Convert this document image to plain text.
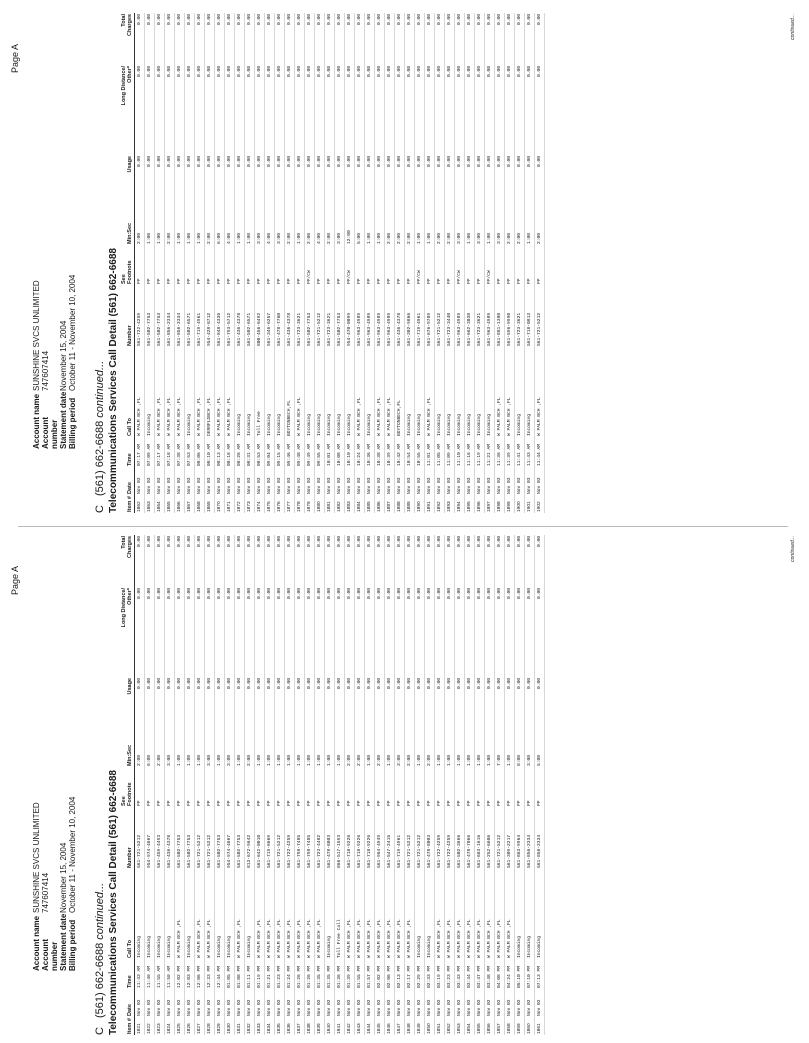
Page A
Account name
SUNSHINE SVCS UNLIMITED
Account number
747607414
Statement date
November 15, 2004
Billing period
October 11 - November 10, 2004
C (561) 662-6688 continued... Telecommunications Services Call Detail (561) 662-6688 Item #	Date	Time	Call To	Number	See
Footnote	Min:Sec	Usage	Long Distance/
Other*	Total
Charges
1821	Nov 02	11:43 AM	Incoming	561-721-5212	PP	2:00	0.00	0.00	0.00
1822	Nov 02	11:46 AM	Incoming	954-974-4667	PP	6:00	0.00	0.00	0.00
1823	Nov 02	11:55 AM	Incoming	561-459-4493	PP	2:00	0.00	0.00	0.00
1824	Nov 02	11:58 AM	Incoming	561-436-4378	PP	3:00	0.00	0.00	0.00
1825	Nov 02	12:02 PM	W PALM BCH ,FL	561-502-7753	PP	1:00	0.00	0.00	0.00
1826	Nov 02	12:03 PM	Incoming	561-502-7753	PP	1:00	0.00	0.00	0.00
1827	Nov 02	12:06 PM	W PALM BCH ,FL	561-721-5212	PP	1:00	0.00	0.00	0.00
1828	Nov 02	12:33 PM	W PALM BCH ,FL	561-721-5212	PP	3:00	0.00	0.00	0.00
1829	Nov 02	12:44 PM	Incoming	561-502-7753	PP	1:00	0.00	0.00	0.00
1830	Nov 02	01:05 PM	Incoming	954-974-4667	PP	3:00	0.00	0.00	0.00
1831	Nov 02	01:08 PM	W PALM BCH ,FL	561-502-7753	PP	1:00	0.00	0.00	0.00
1832	Nov 02	01:11 PM	Incoming	813-672-9642	PP	2:00	0.00	0.00	0.00
1833	Nov 02	01:19 PM	W PALM BCH ,FL	561-642-0010	PP	1:00	0.00	0.00	0.00
1834	Nov 02	01:21 PM	W PALM BCH ,FL	561-719-6669	PP	1:00	0.00	0.00	0.00
1835	Nov 02	01:23 PM	W PALM BCH ,FL	561-721-5212	PP	1:00	0.00	0.00	0.00
1836	Nov 02	01:24 PM	W PALM BCH ,FL	561-722-4259	PP	1:00	0.00	0.00	0.00
1837	Nov 02	01:26 PM	W PALM BCH ,FL	561-798-7485	PP	1:00	0.00	0.00	0.00
1838	Nov 02	01:26 PM	W PALM BCH ,FL	561-798-7485	PP	1:00	0.00	0.00	0.00
1839	Nov 02	01:35 PM	W PALM BCH ,FL	561-723-4482	PP	1:00	0.00	0.00	0.00
1840	Nov 02	01:35 PM	Incoming	561-478-8003	PP	1:00	0.00	0.00	0.00
1841	Nov 02	01:36 PM	Toll Free Call	866-517-1593	PP	1:00	0.00	0.00	0.00
1842	Nov 02	01:39 PM	W PALM BCH ,FL	561-718-9226	PP	2:00	0.00	0.00	0.00
1843	Nov 02	01:55 PM	W PALM BCH ,FL	561-718-9226	PP	2:00	0.00	0.00	0.00
1844	Nov 02	01:57 PM	W PALM BCH ,FL	561-718-9226	PP	1:00	0.00	0.00	0.00
1845	Nov 02	02:02 PM	W PALM BCH ,FL	561-964-4949	PP	2:00	0.00	0.00	0.00
1846	Nov 02	02:06 PM	W PALM BCH ,FL	561-547-2415	PP	1:00	0.00	0.00	0.00
1847	Nov 02	02:13 PM	W PALM BCH ,FL	561-719-4961	PP	3:00	0.00	0.00	0.00
1848	Nov 02	02:17 PM	W PALM BCH ,FL	561-721-5212	PP	2:00	0.00	0.00	0.00
1849	Nov 02	02:29 PM	Incoming	561-721-5212	PP	1:00	0.00	0.00	0.00
1850	Nov 02	02:33 PM	Incoming	561-478-8003	PP	2:00	0.00	0.00	0.00
1851	Nov 02	03:19 PM	W PALM BCH ,FL	561-722-4259	PP	1:00	0.00	0.00	0.00
1852	Nov 02	03:23 PM	W PALM BCH ,FL	561-722-4259	PP	1:00	0.00	0.00	0.00
1853	Nov 02	03:43 PM	W PALM BCH ,FL	561-502-3666	PP	1:00	0.00	0.00	0.00
1854	Nov 02	03:44 PM	W PALM BCH ,FL	561-478-7066	PP	1:00	0.00	0.00	0.00
1855	Nov 02	03:47 PM	W PALM BCH ,FL	561-683-1616	PP	1:00	0.00	0.00	0.00
1856	Nov 02	03:48 PM	W PALM BCH ,FL	561-252-6606	PP	1:00	0.00	0.00	0.00
1857	Nov 02	04:08 PM	W PALM BCH ,FL	561-721-5212	PP	7:00	0.00	0.00	0.00
1858	Nov 02	04:24 PM	W PALM BCH ,FL	561-309-2217	PP	1:00	0.00	0.00	0.00
1859	Nov 02	05:10 PM	Incoming	561-863-9964	PP	8:00	0.00	0.00	0.00
1860	Nov 02	07:10 PM	Incoming	561-856-2334	PP	3:00	0.00	0.00	0.00
1861	Nov 02	07:13 PM	Incoming	561-856-2334	PP	5:00	0.00	0.00	0.00	continued...
Page A
Account name
SUNSHINE SVCS UNLIMITED
Account number
747607414
Statement date
November 15, 2004
Billing period
October 11 - November 10, 2004
C (561) 662-6688 continued... Telecommunications Services Call Detail (561) 662-6688 Item #	Date	Time	Call To	Number	See
Footnote	Min:Sec	Usage	Long Distance/
Other*	Total
Charges
1862	Nov 03	07:17 AM	W PALM BCH ,FL	561-722-4259	PP	2:00	0.00	0.00	0.00
1863	Nov 03	07:09 AM	Incoming	561-502-7753	PP	1:00	0.00	0.00	0.00
1864	Nov 03	07:17 AM	W PALM BCH ,FL	561-502-7753	PP	1:00	0.00	0.00	0.00
1865	Nov 03	07:18 AM	W PALM BCH ,FL	561-856-2334	PP	2:00	0.00	0.00	0.00
1866	Nov 03	07:38 AM	W PALM BCH ,FL	561-856-2334	PP	1:00	0.00	0.00	0.00
1867	Nov 03	07:53 AM	Incoming	561-502-6571	PP	1:00	0.00	0.00	0.00
1868	Nov 03	08:06 AM	W PALM BCH ,FL	561-719-4961	PP	1:00	0.00	0.00	0.00
1869	Nov 03	08:10 AM	DERRFLDBCH ,FL	954-428-8712	PP	2:00	0.00	0.00	0.00
1870	Nov 03	08:13 AM	W PALM BCH ,FL	561-848-4336	PP	6:00	0.00	0.00	0.00
1871	Nov 03	08:18 AM	W PALM BCH ,FL	561-793-5712	PP	4:00	0.00	0.00	0.00
1872	Nov 03	08:26 AM	Incoming	561-436-4378	PP	1:00	0.00	0.00	0.00
1873	Nov 03	08:31 AM	Incoming	561-502-6571	PP	1:00	0.00	0.00	0.00
1874	Nov 03	08:53 AM	Toll Free	800-456-6492	PP	3:00	0.00	0.00	0.00
1875	Nov 03	09:04 AM	Incoming	561-346-6257	PP	4:00	0.00	0.00	0.00
1876	Nov 03	09:15 AM	Incoming	561-478-7760	PP	3:00	0.00	0.00	0.00
1877	Nov 03	09:46 AM	BOYTONBECH,FL	561-436-4378	PP	2:00	0.00	0.00	0.00
1878	Nov 03	09:48 AM	W PALM BCH ,FL	561-723-3621	PP	1:00	0.00	0.00	0.00
1879	Nov 03	09:49 AM	Incoming	561-502-7753	PP/CW	2:00	0.00	0.00	0.00
1880	Nov 03	09:55 AM	Incoming	561-721-5212	PP	4:00	0.00	0.00	0.00
1881	Nov 03	10:01 AM	Incoming	561-723-3621	PP	2:00	0.00	0.00	0.00
1882	Nov 03	10:08 AM	Incoming	561-502-7753	PP	3:00	0.00	0.00	0.00
1883	Nov 03	10:10 AM	Incoming	954-470-0099	PP/CW	12:00	0.00	0.00	0.00
1884	Nov 03	10:24 AM	W PALM BCH ,FL	561-963-4989	PP	5:00	0.00	0.00	0.00
1885	Nov 03	10:36 AM	Incoming	561-963-4989	PP	1:00	0.00	0.00	0.00
1886	Nov 03	10:38 AM	W PALM BCH ,FL	561-963-4989	PP	1:00	0.00	0.00	0.00
1887	Nov 03	10:39 AM	W PALM BCH ,FL	561-963-4989	PP	2:00	0.00	0.00	0.00
1888	Nov 03	10:42 AM	BOYTONBECH,FL	561-436-4378	PP	2:00	0.00	0.00	0.00
1889	Nov 03	10:54 AM	Incoming	561-302-9866	PP	2:00	0.00	0.00	0.00
1890	Nov 03	10:55 AM	Incoming	561-719-4961	PP/CW	1:00	0.00	0.00	0.00
1891	Nov 03	11:01 AM	W PALM BCH ,FL	561-676-9789	PP	1:00	0.00	0.00	0.00
1892	Nov 03	11:05 AM	Incoming	561-721-5212	PP	2:00	0.00	0.00	0.00
1893	Nov 03	11:09 AM	Incoming	561-723-3440	PP	2:00	0.00	0.00	0.00
1894	Nov 03	11:10 AM	Incoming	561-963-4989	PP/CW	3:00	0.00	0.00	0.00
1895	Nov 03	11:16 AM	Incoming	561-662-3038	PP	1:00	0.00	0.00	0.00
1896	Nov 03	11:19 AM	Incoming	561-723-3621	PP	3:00	0.00	0.00	0.00
1897	Nov 03	11:21 AM	Incoming	561-963-4989	PP/CW	1:00	0.00	0.00	0.00
1898	Nov 03	11:36 AM	W PALM BCH ,FL	561-881-1380	PP	3:00	0.00	0.00	0.00
1899	Nov 03	11:39 AM	W PALM BCH ,FL	561-596-9990	PP	2:00	0.00	0.00	0.00
1900	Nov 03	11:41 AM	Incoming	561-723-3621	PP	2:00	0.00	0.00	0.00
1901	Nov 03	11:43 AM	Incoming	561-718-0813	PP	1:00	0.00	0.00	0.00
1902	Nov 03	11:44 AM	W PALM BCH ,FL	561-721-5212	PP	2:00	0.00	0.00	0.00	continued...
